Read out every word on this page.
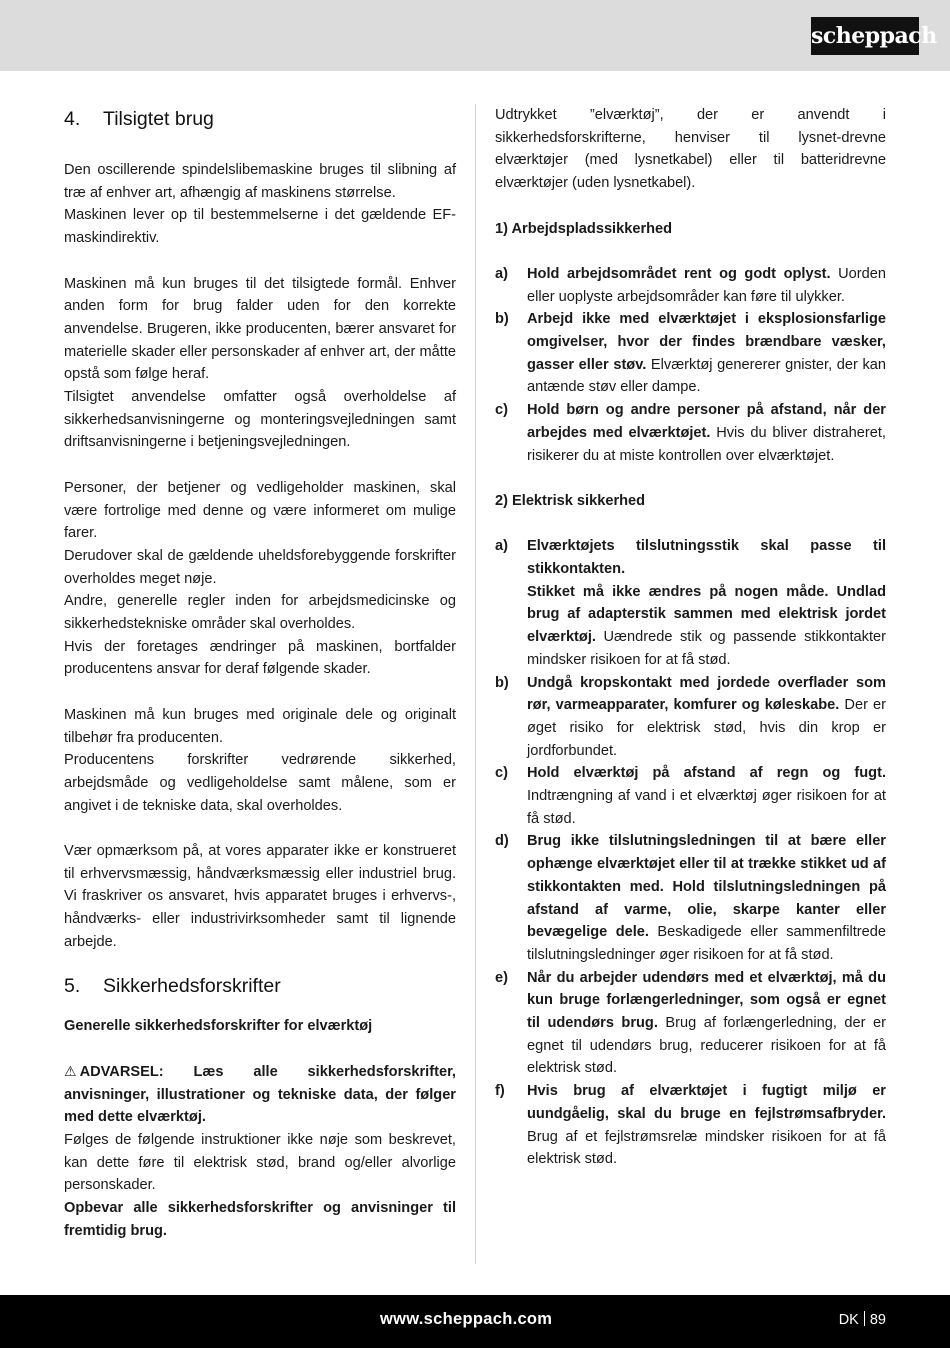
scheppach
4. Tilsigtet brug

Den oscillerende spindelslibemaskine bruges til slibning af træ af enhver art, afhængig af maskinens størrelse.

Maskinen lever op til bestemmelserne i det gældende EF-maskindirektiv.

Maskinen må kun bruges til det tilsigtede formål. Enhver anden form for brug falder uden for den korrekte anvendelse. Brugeren, ikke producenten, bærer ansvaret for materielle skader eller personskader af enhver art, der måtte opstå som følge heraf.

Tilsigtet anvendelse omfatter også overholdelse af sikkerhedsanvisningerne og monteringsvejledningen samt driftsanvisningerne i betjeningsvejledningen.

Personer, der betjener og vedligeholder maskinen, skal være fortrolige med denne og være informeret om mulige farer.

Derudover skal de gældende uheldsforebyggende forskrifter overholdes meget nøje.

Andre, generelle regler inden for arbejdsmedicinske og sikkerhedstekniske områder skal overholdes.

Hvis der foretages ændringer på maskinen, bortfalder producentens ansvar for deraf følgende skader.

Maskinen må kun bruges med originale dele og originalt tilbehør fra producenten.

Producentens forskrifter vedrørende sikkerhed, arbejdsmåde og vedligeholdelse samt målene, som er angivet i de tekniske data, skal overholdes.

Vær opmærksom på, at vores apparater ikke er konstrueret til erhvervsmæssig, håndværksmæssig eller industriel brug. Vi fraskriver os ansvaret, hvis apparatet bruges i erhvervs-, håndværks- eller industrivirksomheder samt til lignende arbejde.

5. Sikkerhedsforskrifter

Generelle sikkerhedsforskrifter for elværktøj

⚠ ADVARSEL: Læs alle sikkerhedsforskrifter, anvisninger, illustrationer og tekniske data, der følger med dette elværktøj.

Følges de følgende instruktioner ikke nøje som beskrevet, kan dette føre til elektrisk stød, brand og/eller alvorlige personskader.

Opbevar alle sikkerhedsforskrifter og anvisninger til fremtidig brug.

Udtrykket ”elværktøj”, der er anvendt i sikkerhedsforskrifterne, henviser til lysnet-drevne elværktøjer (med lysnetkabel) eller til batteridrevne elværktøjer (uden lysnetkabel).

1) Arbejdspladssikkerhed

a)	Hold arbejdsområdet rent og godt oplyst. Uorden eller uoplyste arbejdsområder kan føre til ulykker.
b)	Arbejd ikke med elværktøjet i eksplosionsfarlige omgivelser, hvor der findes brændbare væsker, gasser eller støv. Elværktøj genererer gnister, der kan antænde støv eller dampe.
c)	Hold børn og andre personer på afstand, når der arbejdes med elværktøjet. Hvis du bliver distraheret, risikerer du at miste kontrollen over elværktøjet.

2) Elektrisk sikkerhed

a)	Elværktøjets tilslutningsstik skal passe til stikkontakten.
Stikket må ikke ændres på nogen måde. Undlad brug af adapterstik sammen med elektrisk jordet elværktøj. Uændrede stik og passende stikkontakter mindsker risikoen for at få stød.
b)	Undgå kropskontakt med jordede overflader som rør, varmeapparater, komfurer og køleskabe. Der er øget risiko for elektrisk stød, hvis din krop er jordforbundet.
c)	Hold elværktøj på afstand af regn og fugt. Indtrængning af vand i et elværktøj øger risikoen for at få stød.
d)	Brug ikke tilslutningsledningen til at bære eller ophænge elværktøjet eller til at trække stikket ud af stikkontakten med. Hold tilslutningsledningen på afstand af varme, olie, skarpe kanter eller bevægelige dele. Beskadigede eller sammenfiltrede tilslutningsledninger øger risikoen for at få stød.
e)	Når du arbejder udendørs med et elværktøj, må du kun bruge forlængerledninger, som også er egnet til udendørs brug. Brug af forlængerledning, der er egnet til udendørs brug, reducerer risikoen for at få elektrisk stød.
f)	Hvis brug af elværktøjet i fugtigt miljø er uundgåelig, skal du bruge en fejlstrømsafbryder. Brug af et fejlstrømsrelæ mindsker risikoen for at få elektrisk stød.
www.scheppach.com	DK 89
